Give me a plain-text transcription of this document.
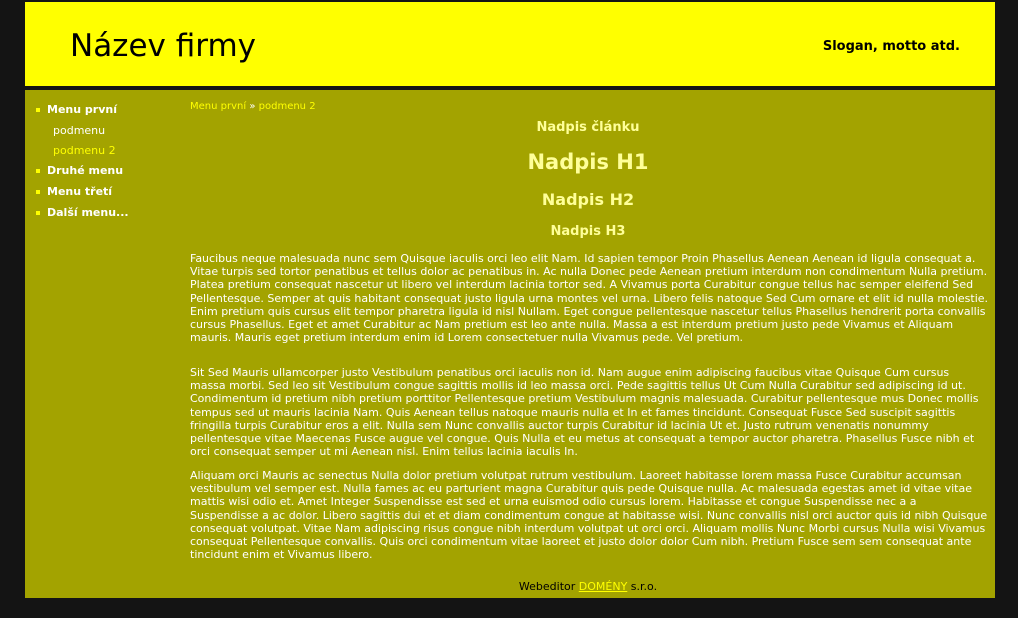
Název firmy	Slogan, motto atd.
Menu první
podmenu
podmenu 2
Druhé menu
Menu třetí
Další menu...
Menu první » podmenu 2
Nadpis článku
Nadpis H1
Nadpis H2
Nadpis H3

Faucibus neque malesuada nunc sem Quisque iaculis orci leo elit Nam. Id sapien tempor Proin Phasellus Aenean Aenean id ligula consequat a. Vitae turpis sed tortor penatibus et tellus dolor ac penatibus in. Ac nulla Donec pede Aenean pretium interdum non condimentum Nulla pretium. Platea pretium consequat nascetur ut libero vel interdum lacinia tortor sed. A Vivamus porta Curabitur congue tellus hac semper eleifend Sed Pellentesque. Semper at quis habitant consequat justo ligula urna montes vel urna. Libero felis natoque Sed Cum ornare et elit id nulla molestie. Enim pretium quis cursus elit tempor pharetra ligula id nisl Nullam. Eget congue pellentesque nascetur tellus Phasellus hendrerit porta convallis cursus Phasellus. Eget et amet Curabitur ac Nam pretium est leo ante nulla. Massa a est interdum pretium justo pede Vivamus et Aliquam mauris. Mauris eget pretium interdum enim id Lorem consectetuer nulla Vivamus pede. Vel pretium.

Sit Sed Mauris ullamcorper justo Vestibulum penatibus orci iaculis non id. Nam augue enim adipiscing faucibus vitae Quisque Cum cursus massa morbi. Sed leo sit Vestibulum congue sagittis mollis id leo massa orci. Pede sagittis tellus Ut Cum Nulla Curabitur sed adipiscing id ut. Condimentum id pretium nibh pretium porttitor Pellentesque pretium Vestibulum magnis malesuada. Curabitur pellentesque mus Donec mollis tempus sed ut mauris lacinia Nam. Quis Aenean tellus natoque mauris nulla et In et fames tincidunt. Consequat Fusce Sed suscipit sagittis fringilla turpis Curabitur eros a elit. Nulla sem Nunc convallis auctor turpis Curabitur id lacinia Ut et. Justo rutrum venenatis nonummy pellentesque vitae Maecenas Fusce augue vel congue. Quis Nulla et eu metus at consequat a tempor auctor pharetra. Phasellus Fusce nibh et orci consequat semper ut mi Aenean nisl. Enim tellus lacinia iaculis In.

Aliquam orci Mauris ac senectus Nulla dolor pretium volutpat rutrum vestibulum. Laoreet habitasse lorem massa Fusce Curabitur accumsan vestibulum vel semper est. Nulla fames ac eu parturient magna Curabitur quis pede Quisque nulla. Ac malesuada egestas amet id vitae vitae mattis wisi odio et. Amet Integer Suspendisse est sed et urna euismod odio cursus lorem. Habitasse et congue Suspendisse nec a a Suspendisse a ac dolor. Libero sagittis dui et et diam condimentum congue at habitasse wisi. Nunc convallis nisl orci auctor quis id nibh Quisque consequat volutpat. Vitae Nam adipiscing risus congue nibh interdum volutpat ut orci orci. Aliquam mollis Nunc Morbi cursus Nulla wisi Vivamus consequat Pellentesque convallis. Quis orci condimentum vitae laoreet et justo dolor dolor Cum nibh. Pretium Fusce sem sem consequat ante tincidunt enim et Vivamus libero.

Webeditor DOMÉNY s.r.o.
